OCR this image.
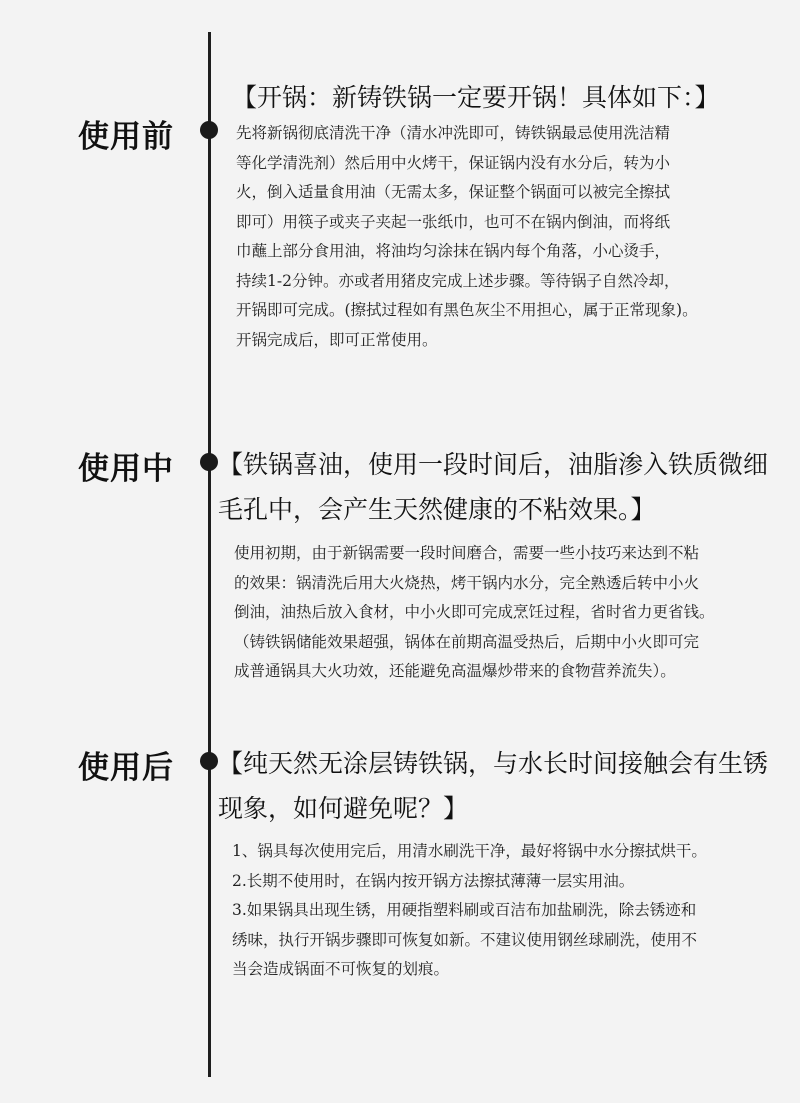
使用前
【开锅：新铸铁锅一定要开锅！具体如下：】

先将新锅彻底清洗干净（清水冲洗即可，铸铁锅最忌使用洗洁精

等化学清洗剂）然后用中火烤干，保证锅内没有水分后，转为小

火，倒入适量食用油（无需太多，保证整个锅面可以被完全擦拭

即可）用筷子或夹子夹起一张纸巾，也可不在锅内倒油，而将纸

巾蘸上部分食用油，将油均匀涂抹在锅内每个角落，小心烫手，

持续1-2分钟。亦或者用猪皮完成上述步骤。等待锅子自然冷却，

开锅即可完成。(擦拭过程如有黑色灰尘不用担心，属于正常现象)。

开锅完成后，即可正常使用。

使用中 【铁锅喜油，使用一段时间后，油脂渗入铁质微细毛孔中，会产生天然健康的不粘效果。】

使用初期，由于新锅需要一段时间磨合，需要一些小技巧来达到不粘

的效果：锅清洗后用大火烧热，烤干锅内水分，完全熟透后转中小火

倒油，油热后放入食材，中小火即可完成烹饪过程，省时省力更省钱。

（铸铁锅储能效果超强，锅体在前期高温受热后，后期中小火即可完

成普通锅具大火功效，还能避免高温爆炒带来的食物营养流失）。

使用后 【纯天然无涂层铸铁锅，与水长时间接触会有生锈现象，如何避免呢？】

1、锅具每次使用完后，用清水刷洗干净，最好将锅中水分擦拭烘干。

2.长期不使用时，在锅内按开锅方法擦拭薄薄一层实用油。

3.如果锅具出现生锈，用硬指塑料刷或百洁布加盐刷洗，除去锈迹和

绣味，执行开锅步骤即可恢复如新。不建议使用钢丝球刷洗，使用不

当会造成锅面不可恢复的划痕。
